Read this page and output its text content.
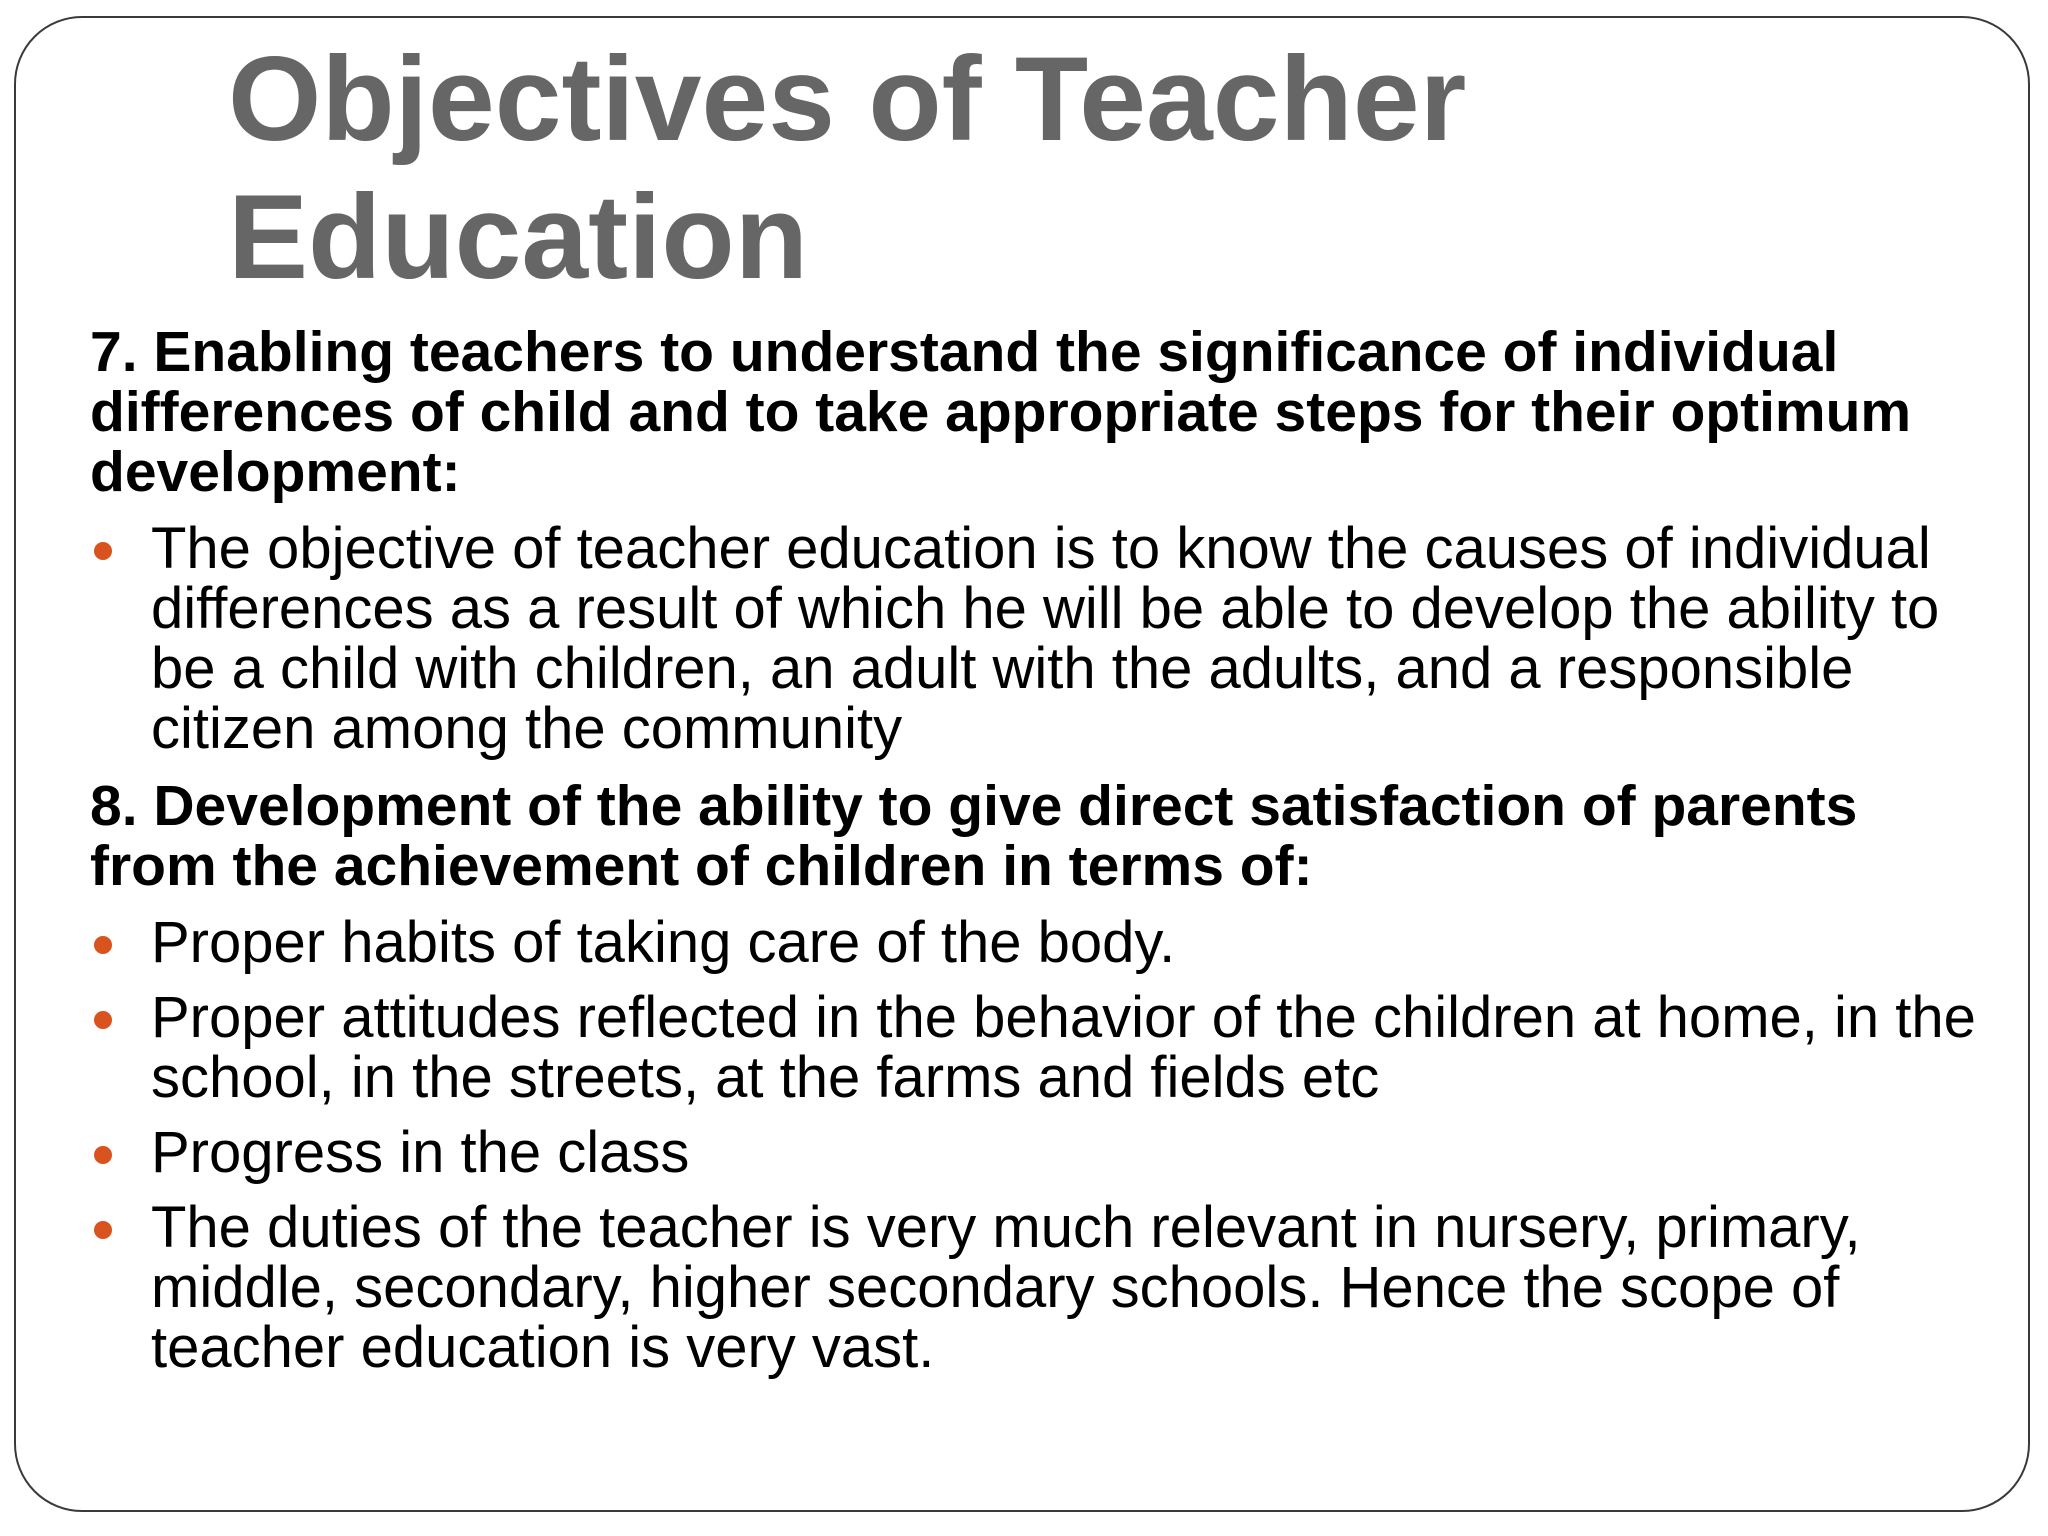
Objectives of Teacher Education

7. Enabling teachers to understand the significance of individual differences of child and to take appropriate steps for their optimum development:

The objective of teacher education is to know the causes of individual differences as a result of which he will be able to develop the ability to be a child with children, an adult with the adults, and a responsible citizen among the community

8. Development of the ability to give direct satisfaction of parents from the achievement of children in terms of:

Proper habits of taking care of the body.
Proper attitudes reflected in the behavior of the children at home, in the school, in the streets, at the farms and fields etc
Progress in the class
The duties of the teacher is very much relevant in nursery, primary, middle, secondary, higher secondary schools. Hence the scope of teacher education is very vast.
